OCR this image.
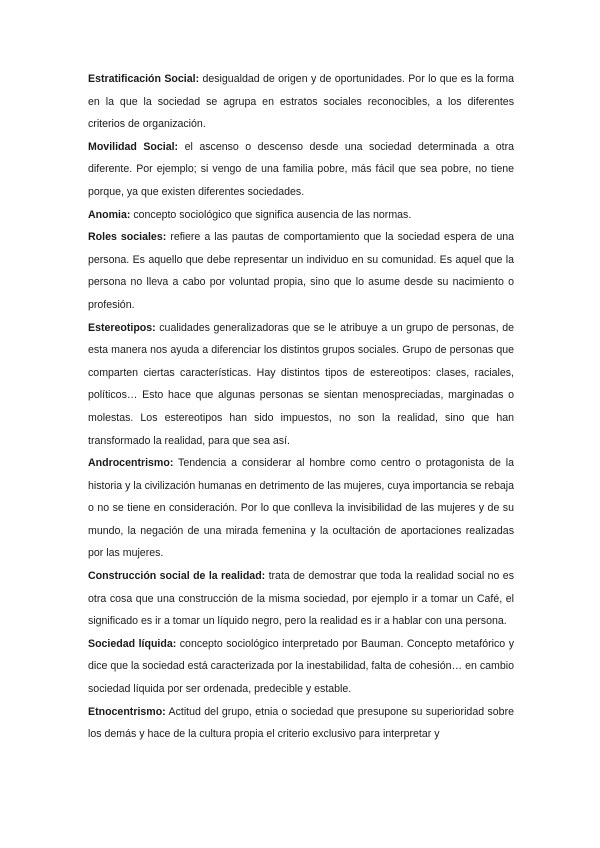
Estratificación Social: desigualdad de origen y de oportunidades. Por lo que es la forma en la que la sociedad se agrupa en estratos sociales reconocibles, a los diferentes criterios de organización.

Movilidad Social: el ascenso o descenso desde una sociedad determinada a otra diferente. Por ejemplo; si vengo de una familia pobre, más fácil que sea pobre, no tiene porque, ya que existen diferentes sociedades.

Anomia: concepto sociológico que significa ausencia de las normas.

Roles sociales: refiere a las pautas de comportamiento que la sociedad espera de una persona. Es aquello que debe representar un individuo en su comunidad. Es aquel que la persona no lleva a cabo por voluntad propia, sino que lo asume desde su nacimiento o profesión.

Estereotipos: cualidades generalizadoras que se le atribuye a un grupo de personas, de esta manera nos ayuda a diferenciar los distintos grupos sociales. Grupo de personas que comparten ciertas características. Hay distintos tipos de estereotipos: clases, raciales, políticos… Esto hace que algunas personas se sientan menospreciadas, marginadas o molestas. Los estereotipos han sido impuestos, no son la realidad, sino que han transformado la realidad, para que sea así.

Androcentrismo: Tendencia a considerar al hombre como centro o protagonista de la historia y la civilización humanas en detrimento de las mujeres, cuya importancia se rebaja o no se tiene en consideración. Por lo que conlleva la invisibilidad de las mujeres y de su mundo, la negación de una mirada femenina y la ocultación de aportaciones realizadas por las mujeres.

Construcción social de la realidad: trata de demostrar que toda la realidad social no es otra cosa que una construcción de la misma sociedad, por ejemplo ir a tomar un Café, el significado es ir a tomar un líquido negro, pero la realidad es ir a hablar con una persona.

Sociedad líquida: concepto sociológico interpretado por Bauman. Concepto metafórico y dice que la sociedad está caracterizada por la inestabilidad, falta de cohesión… en cambio sociedad líquida por ser ordenada, predecible y estable.

Etnocentrismo: Actitud del grupo, etnia o sociedad que presupone su superioridad sobre los demás y hace de la cultura propia el criterio exclusivo para interpretar y
